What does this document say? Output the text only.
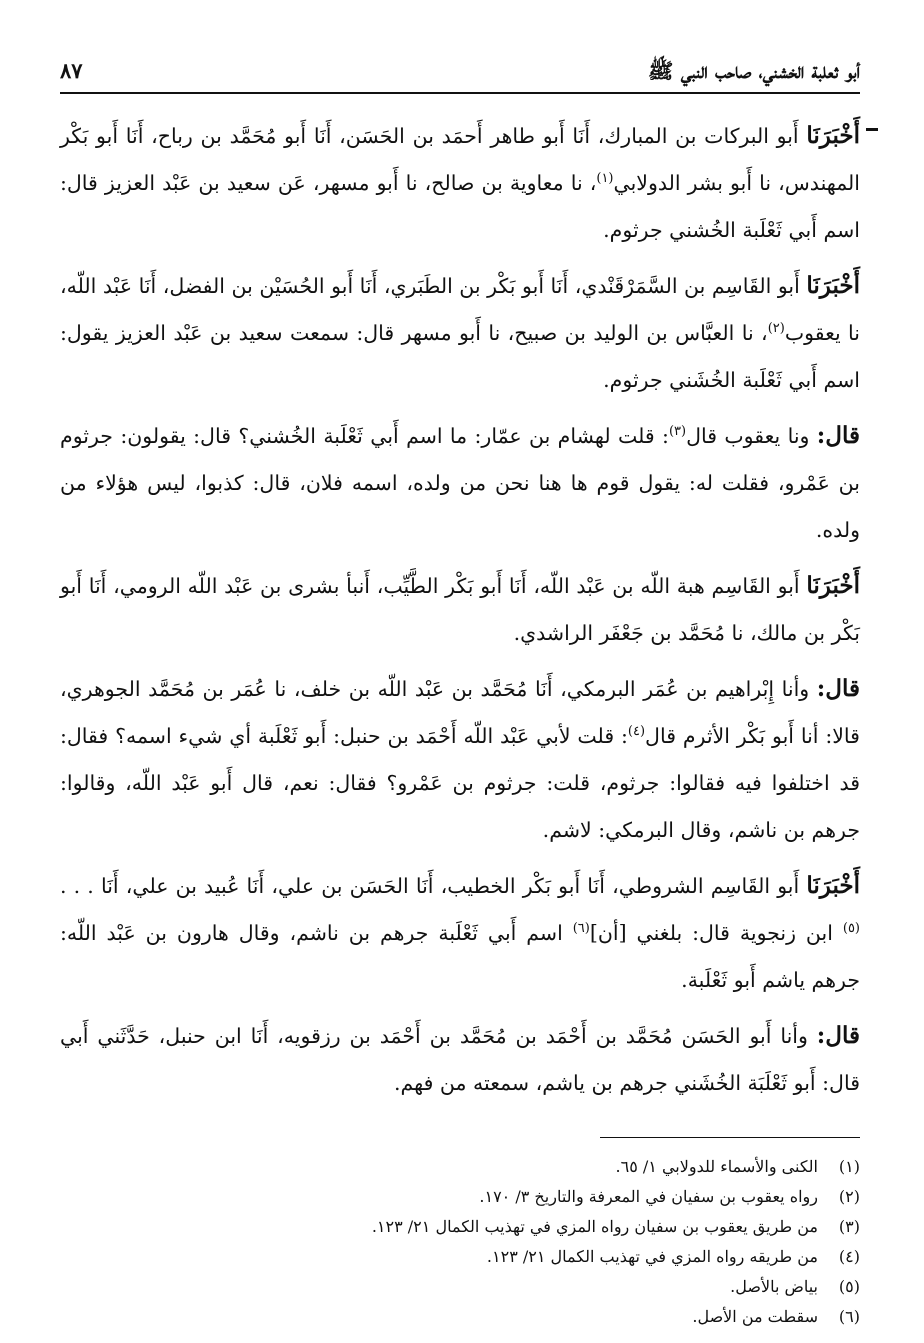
أبو ثعلبة الخشني، صاحب النبي ﷺ
٨٧

أَخْبَرَنَا أَبو البركات بن المبارك، أَنَا أَبو طاهر أَحمَد بن الحَسَن، أَنَا أَبو مُحَمَّد بن رباح، أَنَا أَبو بَكْر المهندس، نا أَبو بشر الدولابي$^{(١)}$، نا معاوية بن صالح، نا أَبو مسهر، عَن سعيد بن عَبْد العزيز قال: اسم أَبي ثَعْلَبة الخُشني جرثوم.

أَخْبَرَنَا أَبو القَاسِم بن السَّمَرْقَنْدي، أَنَا أَبو بَكْر بن الطَبَري، أَنَا أَبو الحُسَيْن بن الفضل، أَنَا عَبْد اللّه، نا يعقوب$^{(٢)}$، نا العبَّاس بن الوليد بن صبيح، نا أَبو مسهر قال: سمعت سعيد بن عَبْد العزيز يقول: اسم أَبي ثَعْلَبة الخُشَني جرثوم.

قال: ونا يعقوب قال$^{(٣)}$: قلت لهشام بن عمّار: ما اسم أَبي ثَعْلَبة الخُشني؟ قال: يقولون: جرثوم بن عَمْرو، فقلت له: يقول قوم ها هنا نحن من ولده، اسمه فلان، قال: كذبوا، ليس هؤلاء من ولده.

أَخْبَرَنَا أَبو القَاسِم هبة اللّه بن عَبْد اللّه، أَنَا أَبو بَكْر الطَّيِّب، أَنبأ بشرى بن عَبْد اللّه الرومي، أَنَا أَبو بَكْر بن مالك، نا مُحَمَّد بن جَعْفَر الراشدي.

قال: وأنا إِبْراهيم بن عُمَر البرمكي، أَنَا مُحَمَّد بن عَبْد اللّه بن خلف، نا عُمَر بن مُحَمَّد الجوهري، قالا: أنا أَبو بَكْر الأثرم قال$^{(٤)}$: قلت لأبي عَبْد اللّه أَحْمَد بن حنبل: أَبو ثَعْلَبة أي شيء اسمه؟ فقال: قد اختلفوا فيه فقالوا: جرثوم، قلت: جرثوم بن عَمْرو؟ فقال: نعم، قال أَبو عَبْد اللّه، وقالوا: جرهم بن ناشم، وقال البرمكي: لاشم.

أَخْبَرَنَا أَبو القَاسِم الشروطي، أَنَا أَبو بَكْر الخطيب، أَنَا الحَسَن بن علي، أَنَا عُبيد بن علي، أَنَا . . .$^{(٥)}$ ابن زنجوية قال: بلغني [أن]$^{(٦)}$ اسم أَبي ثَعْلَبة جرهم بن ناشم، وقال هارون بن عَبْد اللّه: جرهم ياشم أَبو ثَعْلَبة.

قال: وأنا أَبو الحَسَن مُحَمَّد بن أَحْمَد بن مُحَمَّد بن أَحْمَد بن رزقويه، أَنَا ابن حنبل، حَدَّثَني أَبي قال: أَبو ثَعْلَبَة الخُشَني جرهم بن ياشم، سمعته من فهم.

(١)
الكنى والأسماء للدولابي ١/ ٦٥.
(٢)
رواه يعقوب بن سفيان في المعرفة والتاريخ ٣/ ١٧٠.
(٣)
من طريق يعقوب بن سفيان رواه المزي في تهذيب الكمال ٢١/ ١٢٣.
(٤)
من طريقه رواه المزي في تهذيب الكمال ٢١/ ١٢٣.
(٥)
بياض بالأصل.
(٦)
سقطت من الأصل.
